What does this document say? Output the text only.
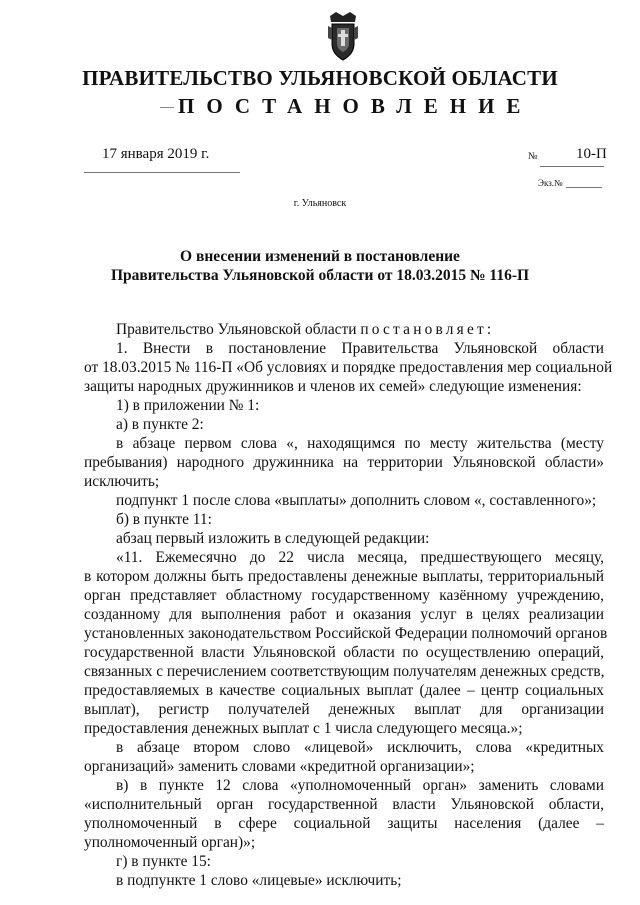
ПРАВИТЕЛЬСТВО УЛЬЯНОВСКОЙ ОБЛАСТИ
ПОСТАНОВЛЕНИЕ
17 января 2019 г.	№	10-П
Экз.№
г. Ульяновск
О внесении изменений в постановление
Правительства Ульяновской области от 18.03.2015 № 116-П
Правительство Ульяновской области постановляет:
1. Внести в постановление Правительства Ульяновской области
от 18.03.2015 № 116-П «Об условиях и порядке предоставления мер социальной
защиты народных дружинников и членов их семей» следующие изменения:
1) в приложении № 1:
а) в пункте 2:
в абзаце первом слова «, находящимся по месту жительства (месту
пребывания) народного дружинника на территории Ульяновской области»
исключить;
подпункт 1 после слова «выплаты» дополнить словом «, составленного»;
б) в пункте 11:
абзац первый изложить в следующей редакции:
«11. Ежемесячно до 22 числа месяца, предшествующего месяцу,
в котором должны быть предоставлены денежные выплаты, территориальный
орган представляет областному государственному казённому учреждению,
созданному для выполнения работ и оказания услуг в целях реализации
установленных законодательством Российской Федерации полномочий органов
государственной власти Ульяновской области по осуществлению операций,
связанных с перечислением соответствующим получателям денежных средств,
предоставляемых в качестве социальных выплат (далее – центр социальных
выплат), регистр получателей денежных выплат для организации
предоставления денежных выплат с 1 числа следующего месяца.»;
в абзаце втором слово «лицевой» исключить, слова «кредитных
организаций» заменить словами «кредитной организации»;
в) в пункте 12 слова «уполномоченный орган» заменить словами
«исполнительный орган государственной власти Ульяновской области,
уполномоченный в сфере социальной защиты населения (далее –
уполномоченный орган)»;
г) в пункте 15:
в подпункте 1 слово «лицевые» исключить;
